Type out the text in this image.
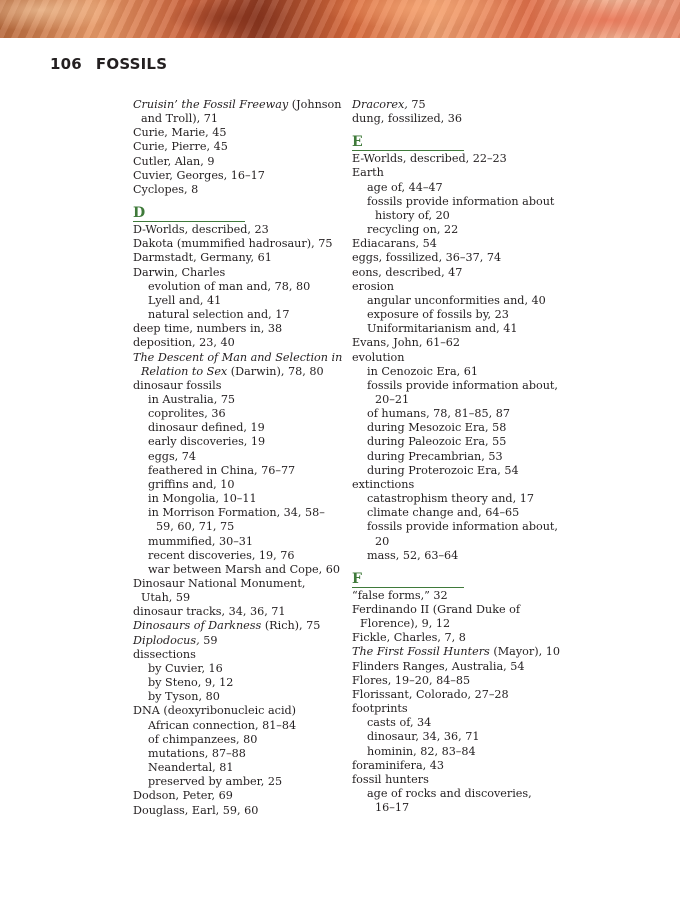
106 FOSSILS
Cruisin’ the Fossil Freeway (Johnson
and Troll), 71
Curie, Marie, 45
Curie, Pierre, 45
Cutler, Alan, 9
Cuvier, Georges, 16–17
Cyclopes, 8
D
D-Worlds, described, 23
Dakota (mummified hadrosaur), 75
Darmstadt, Germany, 61
Darwin, Charles
evolution of man and, 78, 80
Lyell and, 41
natural selection and, 17
deep time, numbers in, 38
deposition, 23, 40
The Descent of Man and Selection in
Relation to Sex (Darwin), 78, 80
dinosaur fossils
in Australia, 75
coprolites, 36
dinosaur defined, 19
early discoveries, 19
eggs, 74
feathered in China, 76–77
griffins and, 10
in Mongolia, 10–11
in Morrison Formation, 34, 58–
59, 60, 71, 75
mummified, 30–31
recent discoveries, 19, 76
war between Marsh and Cope, 60
Dinosaur National Monument,
Utah, 59
dinosaur tracks, 34, 36, 71
Dinosaurs of Darkness (Rich), 75
Diplodocus, 59
dissections
by Cuvier, 16
by Steno, 9, 12
by Tyson, 80
DNA (deoxyribonucleic acid)
African connection, 81–84
of chimpanzees, 80
mutations, 87–88
Neandertal, 81
preserved by amber, 25
Dodson, Peter, 69
Douglass, Earl, 59, 60
Dracorex, 75
dung, fossilized, 36
E
E-Worlds, described, 22–23
Earth
age of, 44–47
fossils provide information about
history of, 20
recycling on, 22
Ediacarans, 54
eggs, fossilized, 36–37, 74
eons, described, 47
erosion
angular unconformities and, 40
exposure of fossils by, 23
Uniformitarianism and, 41
Evans, John, 61–62
evolution
in Cenozoic Era, 61
fossils provide information about,
20–21
of humans, 78, 81–85, 87
during Mesozoic Era, 58
during Paleozoic Era, 55
during Precambrian, 53
during Proterozoic Era, 54
extinctions
catastrophism theory and, 17
climate change and, 64–65
fossils provide information about,
20
mass, 52, 63–64
F
“false forms,” 32
Ferdinando II (Grand Duke of
Florence), 9, 12
Fickle, Charles, 7, 8
The First Fossil Hunters (Mayor), 10
Flinders Ranges, Australia, 54
Flores, 19–20, 84–85
Florissant, Colorado, 27–28
footprints
casts of, 34
dinosaur, 34, 36, 71
hominin, 82, 83–84
foraminifera, 43
fossil hunters
age of rocks and discoveries,
16–17
